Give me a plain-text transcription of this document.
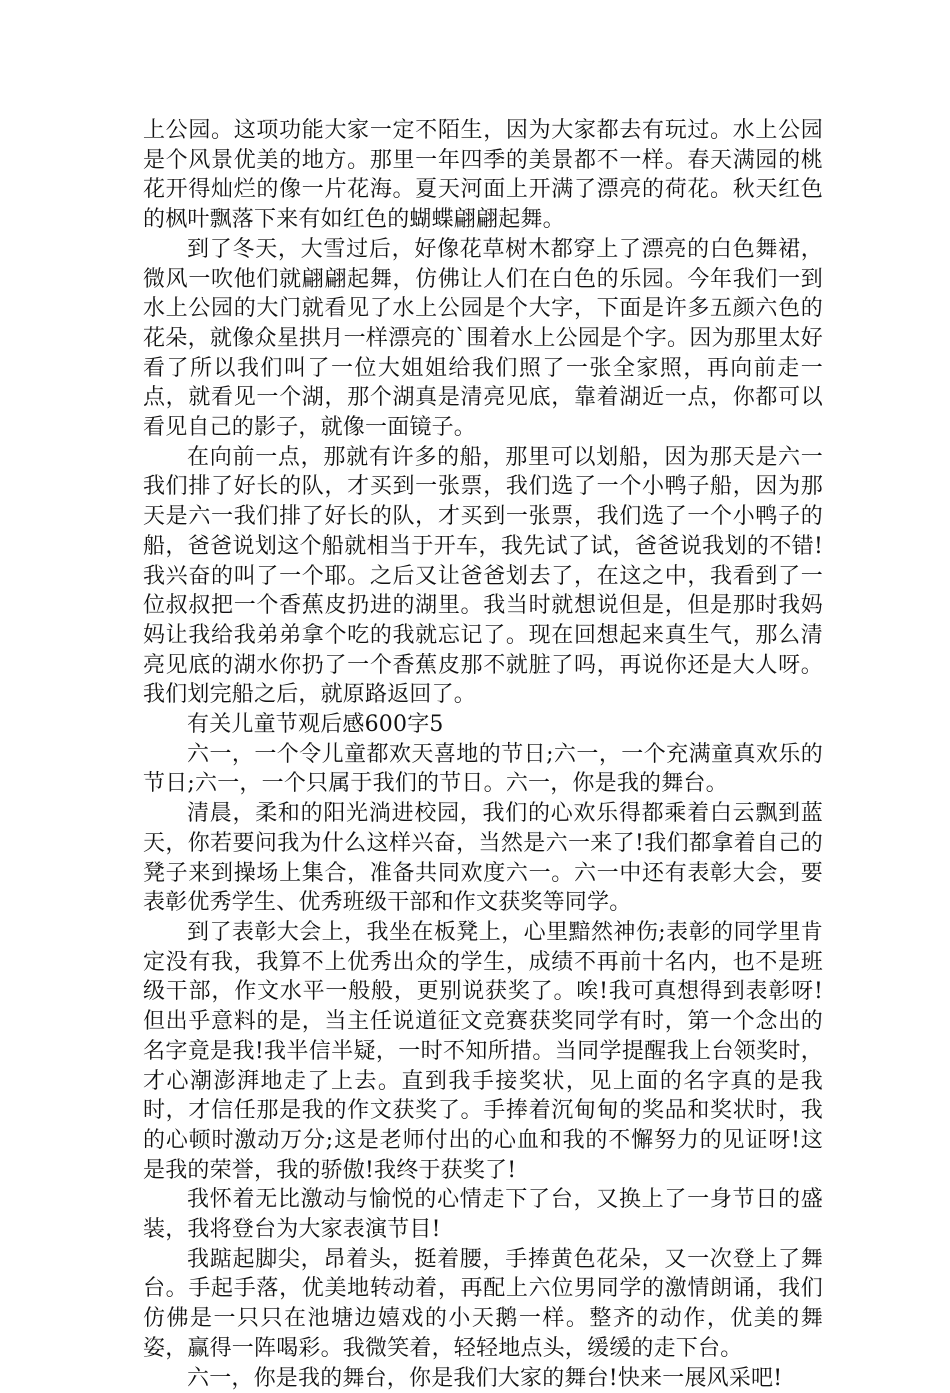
上公园。这项功能大家一定不陌生，因为大家都去有玩过。水上公园是个风景优美的地方。那里一年四季的美景都不一样。春天满园的桃花开得灿烂的像一片花海。夏天河面上开满了漂亮的荷花。秋天红色的枫叶飘落下来有如红色的蝴蝶翩翩起舞。

到了冬天，大雪过后，好像花草树木都穿上了漂亮的白色舞裙，微风一吹他们就翩翩起舞，仿佛让人们在白色的乐园。今年我们一到水上公园的大门就看见了水上公园是个大字，下面是许多五颜六色的花朵，就像众星拱月一样漂亮的`围着水上公园是个字。因为那里太好看了所以我们叫了一位大姐姐给我们照了一张全家照，再向前走一点，就看见一个湖，那个湖真是清亮见底，靠着湖近一点，你都可以看见自己的影子，就像一面镜子。

在向前一点，那就有许多的船，那里可以划船，因为那天是六一我们排了好长的队，才买到一张票，我们选了一个小鸭子船，因为那天是六一我们排了好长的队，才买到一张票，我们选了一个小鸭子的船，爸爸说划这个船就相当于开车，我先试了试，爸爸说我划的不错!我兴奋的叫了一个耶。之后又让爸爸划去了，在这之中，我看到了一位叔叔把一个香蕉皮扔进的湖里。我当时就想说但是，但是那时我妈妈让我给我弟弟拿个吃的我就忘记了。现在回想起来真生气，那么清亮见底的湖水你扔了一个香蕉皮那不就脏了吗，再说你还是大人呀。我们划完船之后，就原路返回了。

有关儿童节观后感600字5

六一，一个令儿童都欢天喜地的节日;六一，一个充满童真欢乐的节日;六一，一个只属于我们的节日。六一，你是我的舞台。

清晨，柔和的阳光淌进校园，我们的心欢乐得都乘着白云飘到蓝天，你若要问我为什么这样兴奋，当然是六一来了!我们都拿着自己的凳子来到操场上集合，准备共同欢度六一。六一中还有表彰大会，要表彰优秀学生、优秀班级干部和作文获奖等同学。

到了表彰大会上，我坐在板凳上，心里黯然神伤;表彰的同学里肯定没有我，我算不上优秀出众的学生，成绩不再前十名内，也不是班级干部，作文水平一般般，更别说获奖了。唉!我可真想得到表彰呀!但出乎意料的是，当主任说道征文竞赛获奖同学有时，第一个念出的名字竟是我!我半信半疑，一时不知所措。当同学提醒我上台领奖时，才心潮澎湃地走了上去。直到我手接奖状，见上面的名字真的是我时，才信任那是我的作文获奖了。手捧着沉甸甸的奖品和奖状时，我的心顿时激动万分;这是老师付出的心血和我的不懈努力的见证呀!这是我的荣誉，我的骄傲!我终于获奖了!

我怀着无比激动与愉悦的心情走下了台，又换上了一身节日的盛装，我将登台为大家表演节目!

我踮起脚尖，昂着头，挺着腰，手捧黄色花朵，又一次登上了舞台。手起手落，优美地转动着，再配上六位男同学的激情朗诵，我们仿佛是一只只在池塘边嬉戏的小天鹅一样。整齐的动作，优美的舞姿，赢得一阵喝彩。我微笑着，轻轻地点头，缓缓的走下台。

六一，你是我的舞台，你是我们大家的舞台!快来一展风采吧!
